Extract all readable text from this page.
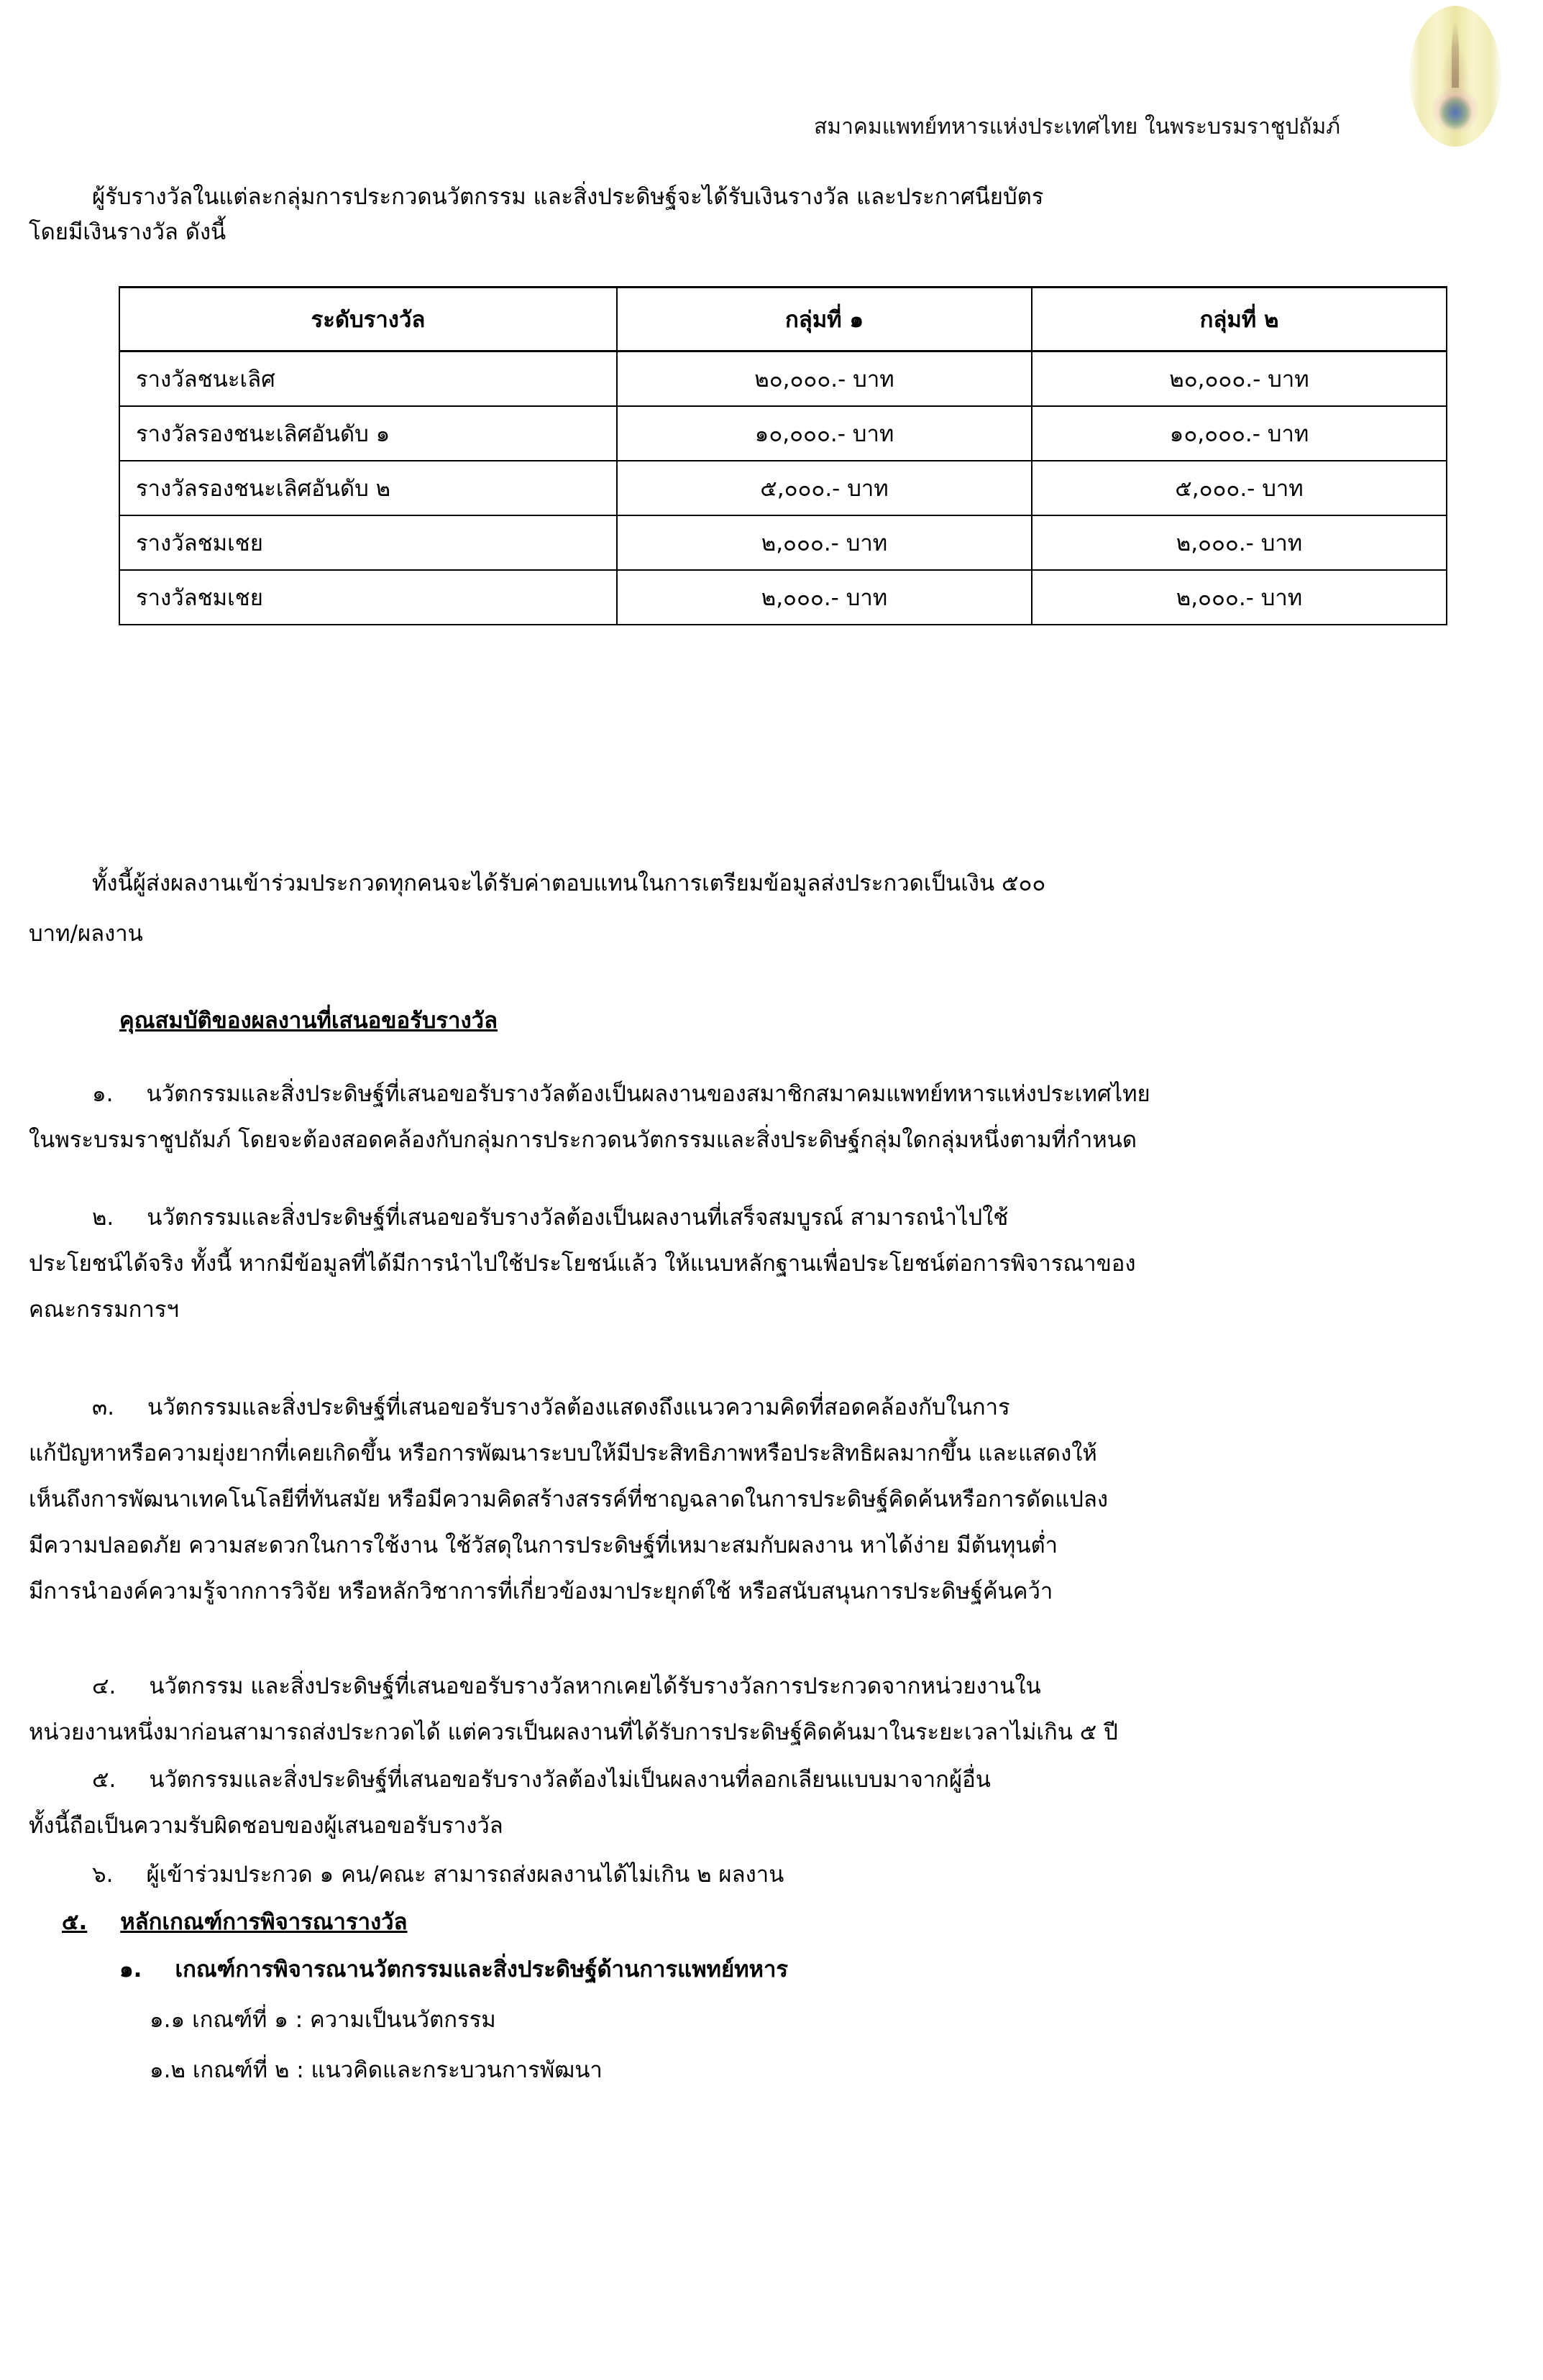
สมาคมแพทย์ทหารแห่งประเทศไทย ในพระบรมราชูปถัมภ์
ผู้รับรางวัลในแต่ละกลุ่มการประกวดนวัตกรรม และสิ่งประดิษฐ์จะได้รับเงินรางวัล และประกาศนียบัตร
โดยมีเงินรางวัล ดังนี้
ระดับรางวัล	กลุ่มที่ ๑	กลุ่มที่ ๒
รางวัลชนะเลิศ	๒๐,๐๐๐.- บาท	๒๐,๐๐๐.- บาท
รางวัลรองชนะเลิศอันดับ ๑	๑๐,๐๐๐.- บาท	๑๐,๐๐๐.- บาท
รางวัลรองชนะเลิศอันดับ ๒	๕,๐๐๐.- บาท	๕,๐๐๐.- บาท
รางวัลชมเชย	๒,๐๐๐.- บาท	๒,๐๐๐.- บาท
รางวัลชมเชย	๒,๐๐๐.- บาท	๒,๐๐๐.- บาท
ทั้งนี้ผู้ส่งผลงานเข้าร่วมประกวดทุกคนจะได้รับค่าตอบแทนในการเตรียมข้อมูลส่งประกวดเป็นเงิน ๕๐๐
บาท/ผลงาน
คุณสมบัติของผลงานที่เสนอขอรับรางวัล
๑. นวัตกรรมและสิ่งประดิษฐ์ที่เสนอขอรับรางวัลต้องเป็นผลงานของสมาชิกสมาคมแพทย์ทหารแห่งประเทศไทย
ในพระบรมราชูปถัมภ์ โดยจะต้องสอดคล้องกับกลุ่มการประกวดนวัตกรรมและสิ่งประดิษฐ์กลุ่มใดกลุ่มหนึ่งตามที่กำหนด
๒. นวัตกรรมและสิ่งประดิษฐ์ที่เสนอขอรับรางวัลต้องเป็นผลงานที่เสร็จสมบูรณ์ สามารถนำไปใช้
ประโยชน์ได้จริง ทั้งนี้ หากมีข้อมูลที่ได้มีการนำไปใช้ประโยชน์แล้ว ให้แนบหลักฐานเพื่อประโยชน์ต่อการพิจารณาของ
คณะกรรมการฯ
๓. นวัตกรรมและสิ่งประดิษฐ์ที่เสนอขอรับรางวัลต้องแสดงถึงแนวความคิดที่สอดคล้องกับในการ
แก้ปัญหาหรือความยุ่งยากที่เคยเกิดขึ้น หรือการพัฒนาระบบให้มีประสิทธิภาพหรือประสิทธิผลมากขึ้น และแสดงให้
เห็นถึงการพัฒนาเทคโนโลยีที่ทันสมัย หรือมีความคิดสร้างสรรค์ที่ชาญฉลาดในการประดิษฐ์คิดค้นหรือการดัดแปลง
มีความปลอดภัย ความสะดวกในการใช้งาน ใช้วัสดุในการประดิษฐ์ที่เหมาะสมกับผลงาน หาได้ง่าย มีต้นทุนต่ำ
มีการนำองค์ความรู้จากการวิจัย หรือหลักวิชาการที่เกี่ยวข้องมาประยุกต์ใช้ หรือสนับสนุนการประดิษฐ์ค้นคว้า
๔. นวัตกรรม และสิ่งประดิษฐ์ที่เสนอขอรับรางวัลหากเคยได้รับรางวัลการประกวดจากหน่วยงานใน
หน่วยงานหนึ่งมาก่อนสามารถส่งประกวดได้ แต่ควรเป็นผลงานที่ได้รับการประดิษฐ์คิดค้นมาในระยะเวลาไม่เกิน ๕ ปี
๕. นวัตกรรมและสิ่งประดิษฐ์ที่เสนอขอรับรางวัลต้องไม่เป็นผลงานที่ลอกเลียนแบบมาจากผู้อื่น
ทั้งนี้ถือเป็นความรับผิดชอบของผู้เสนอขอรับรางวัล
๖. ผู้เข้าร่วมประกวด ๑ คน/คณะ สามารถส่งผลงานได้ไม่เกิน ๒ ผลงาน
๕. หลักเกณฑ์การพิจารณารางวัล
๑. เกณฑ์การพิจารณานวัตกรรมและสิ่งประดิษฐ์ด้านการแพทย์ทหาร
๑.๑ เกณฑ์ที่ ๑ : ความเป็นนวัตกรรม
๑.๒ เกณฑ์ที่ ๒ : แนวคิดและกระบวนการพัฒนา
